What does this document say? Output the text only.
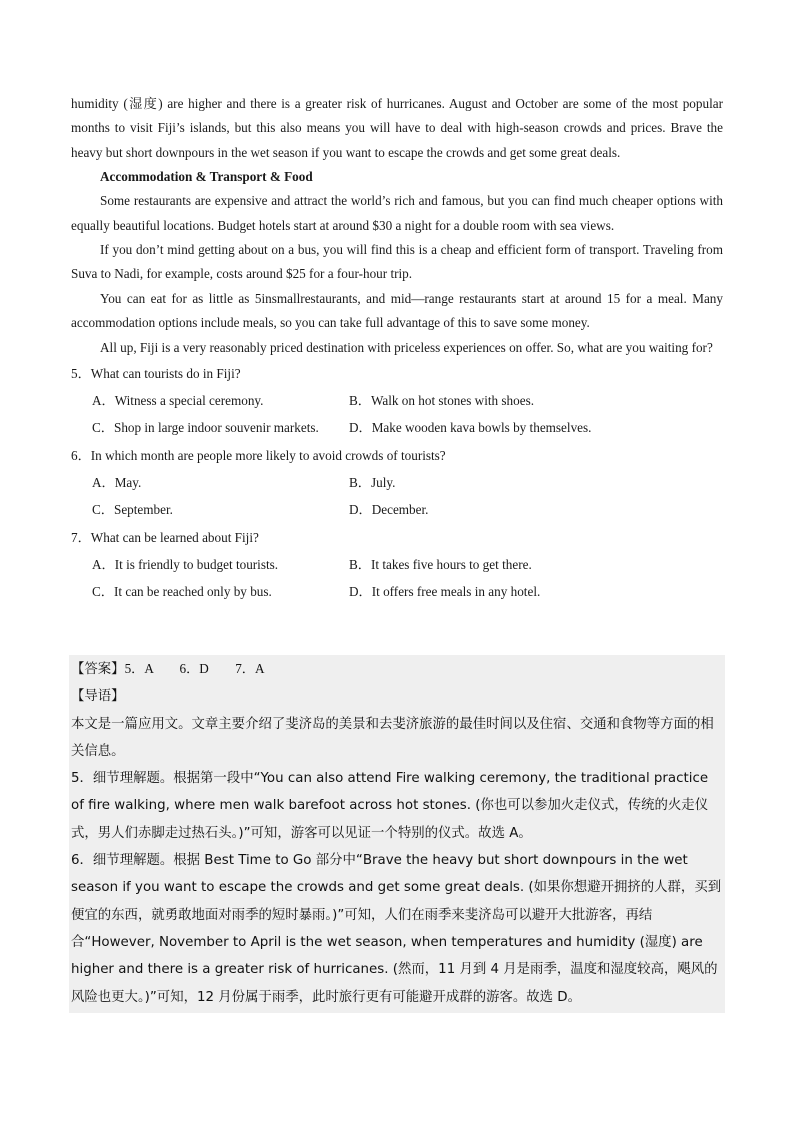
humidity (湿度) are higher and there is a greater risk of hurricanes. August and October are some of the most popular months to visit Fiji’s islands, but this also means you will have to deal with high-season crowds and prices. Brave the heavy but short downpours in the wet season if you want to escape the crowds and get some great deals.

Accommodation & Transport & Food

Some restaurants are expensive and attract the world’s rich and famous, but you can find much cheaper options with equally beautiful locations. Budget hotels start at around $30 a night for a double room with sea views.

If you don’t mind getting about on a bus, you will find this is a cheap and efficient form of transport. Traveling from Suva to Nadi, for example, costs around $25 for a four-hour trip.

You can eat for as little as 5insmallrestaurants, and mid—range restaurants start at around 15 for a meal. Many accommodation options include meals, so you can take full advantage of this to save some money.

All up, Fiji is a very reasonably priced destination with priceless experiences on offer. So, what are you waiting for?

5．What can tourists do in Fiji?

A．Witness a special ceremony.	B．Walk on hot stones with shoes.
C．Shop in large indoor souvenir markets.	D．Make wooden kava bowls by themselves.

6．In which month are people more likely to avoid crowds of tourists?

A．May.	B．July.
C．September.	D．December.

7．What can be learned about Fiji?

A．It is friendly to budget tourists.	B．It takes five hours to get there.
C．It can be reached only by bus.	D．It offers free meals in any hotel.

【答案】5．A　　6．D　　7．A

【导语】

本文是一篇应用文。文章主要介绍了斐济岛的美景和去斐济旅游的最佳时间以及住宿、交通和食物等方面的相关信息。

5．细节理解题。根据第一段中“You can also attend Fire walking ceremony, the traditional practice of fire walking, where men walk barefoot across hot stones. (你也可以参加火走仪式，传统的火走仪式，男人们赤脚走过热石头。)”可知，游客可以见证一个特别的仪式。故选 A。

6．细节理解题。根据 Best Time to Go 部分中“Brave the heavy but short downpours in the wet season if you want to escape the crowds and get some great deals. (如果你想避开拥挤的人群，买到便宜的东西，就勇敢地面对雨季的短时暴雨。)”可知，人们在雨季来斐济岛可以避开大批游客，再结合“However, November to April is the wet season, when temperatures and humidity (湿度) are higher and there is a greater risk of hurricanes. (然而，11 月到 4 月是雨季，温度和湿度较高，飓风的风险也更大。)”可知，12 月份属于雨季，此时旅行更有可能避开成群的游客。故选 D。
